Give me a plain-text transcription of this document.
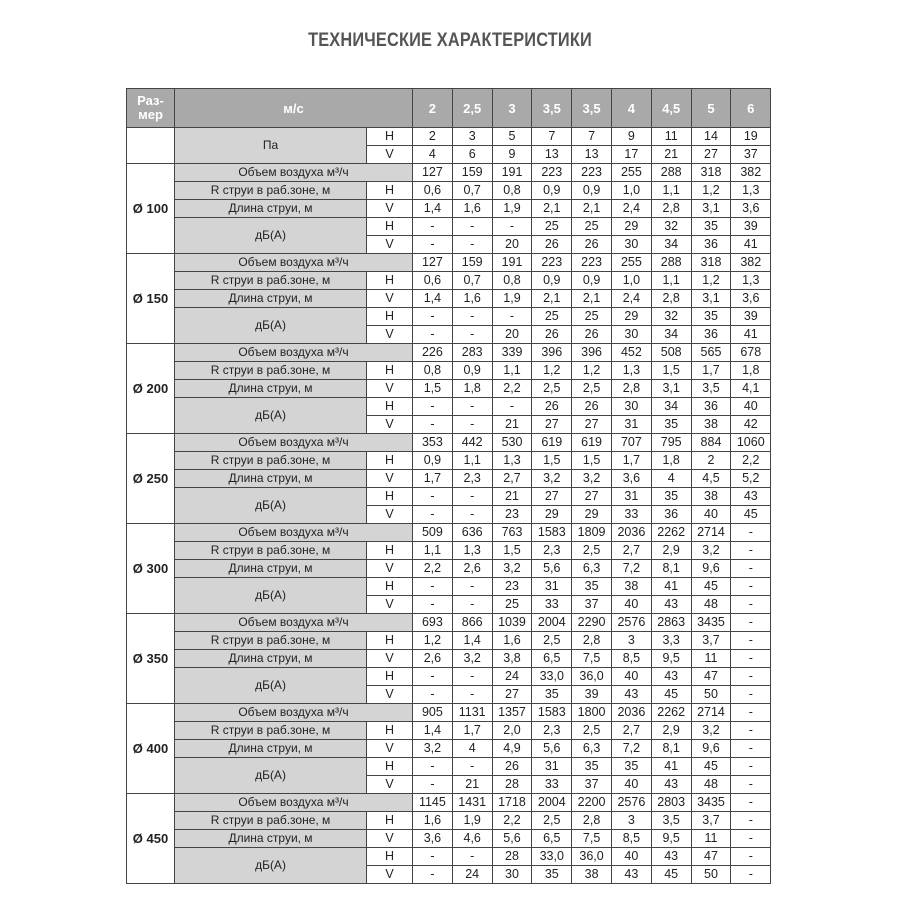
ТЕХНИЧЕСКИЕ ХАРАКТЕРИСТИКИ
Раз-мер	м/с		2	2,5	3	3,5	3,5	4	4,5	5	6
	Па	H	2	3	5	7	7	9	11	14	19
		V	4	6	9	13	13	17	21	27	37
Ø 100	Объем воздуха м³/ч		127	159	191	223	223	255	288	318	382
	R струи в раб.зоне, м	H	0,6	0,7	0,8	0,9	0,9	1,0	1,1	1,2	1,3
	Длина струи, м	V	1,4	1,6	1,9	2,1	2,1	2,4	2,8	3,1	3,6
	дБ(А)	H	-	-	-	25	25	29	32	35	39
		V	-	-	20	26	26	30	34	36	41
Ø 150	Объем воздуха м³/ч		127	159	191	223	223	255	288	318	382
	R струи в раб.зоне, м	H	0,6	0,7	0,8	0,9	0,9	1,0	1,1	1,2	1,3
	Длина струи, м	V	1,4	1,6	1,9	2,1	2,1	2,4	2,8	3,1	3,6
	дБ(А)	H	-	-	-	25	25	29	32	35	39
		V	-	-	20	26	26	30	34	36	41
Ø 200	Объем воздуха м³/ч		226	283	339	396	396	452	508	565	678
	R струи в раб.зоне, м	H	0,8	0,9	1,1	1,2	1,2	1,3	1,5	1,7	1,8
	Длина струи, м	V	1,5	1,8	2,2	2,5	2,5	2,8	3,1	3,5	4,1
	дБ(А)	H	-	-	-	26	26	30	34	36	40
		V	-	-	21	27	27	31	35	38	42
Ø 250	Объем воздуха м³/ч		353	442	530	619	619	707	795	884	1060
	R струи в раб.зоне, м	H	0,9	1,1	1,3	1,5	1,5	1,7	1,8	2	2,2
	Длина струи, м	V	1,7	2,3	2,7	3,2	3,2	3,6	4	4,5	5,2
	дБ(А)	H	-	-	21	27	27	31	35	38	43
		V	-	-	23	29	29	33	36	40	45
Ø 300	Объем воздуха м³/ч		509	636	763	1583	1809	2036	2262	2714	-
	R струи в раб.зоне, м	H	1,1	1,3	1,5	2,3	2,5	2,7	2,9	3,2	-
	Длина струи, м	V	2,2	2,6	3,2	5,6	6,3	7,2	8,1	9,6	-
	дБ(А)	H	-	-	23	31	35	38	41	45	-
		V	-	-	25	33	37	40	43	48	-
Ø 350	Объем воздуха м³/ч		693	866	1039	2004	2290	2576	2863	3435	-
	R струи в раб.зоне, м	H	1,2	1,4	1,6	2,5	2,8	3	3,3	3,7	-
	Длина струи, м	V	2,6	3,2	3,8	6,5	7,5	8,5	9,5	11	-
	дБ(А)	H	-	-	24	33,0	36,0	40	43	47	-
		V	-	-	27	35	39	43	45	50	-
Ø 400	Объем воздуха м³/ч		905	1131	1357	1583	1800	2036	2262	2714	-
	R струи в раб.зоне, м	H	1,4	1,7	2,0	2,3	2,5	2,7	2,9	3,2	-
	Длина струи, м	V	3,2	4	4,9	5,6	6,3	7,2	8,1	9,6	-
	дБ(А)	H	-	-	26	31	35	35	41	45	-
		V	-	21	28	33	37	40	43	48	-
Ø 450	Объем воздуха м³/ч		1145	1431	1718	2004	2200	2576	2803	3435	-
	R струи в раб.зоне, м	H	1,6	1,9	2,2	2,5	2,8	3	3,5	3,7	-
	Длина струи, м	V	3,6	4,6	5,6	6,5	7,5	8,5	9,5	11	-
	дБ(А)	H	-	-	28	33,0	36,0	40	43	47	-
		V	-	24	30	35	38	43	45	50	-
